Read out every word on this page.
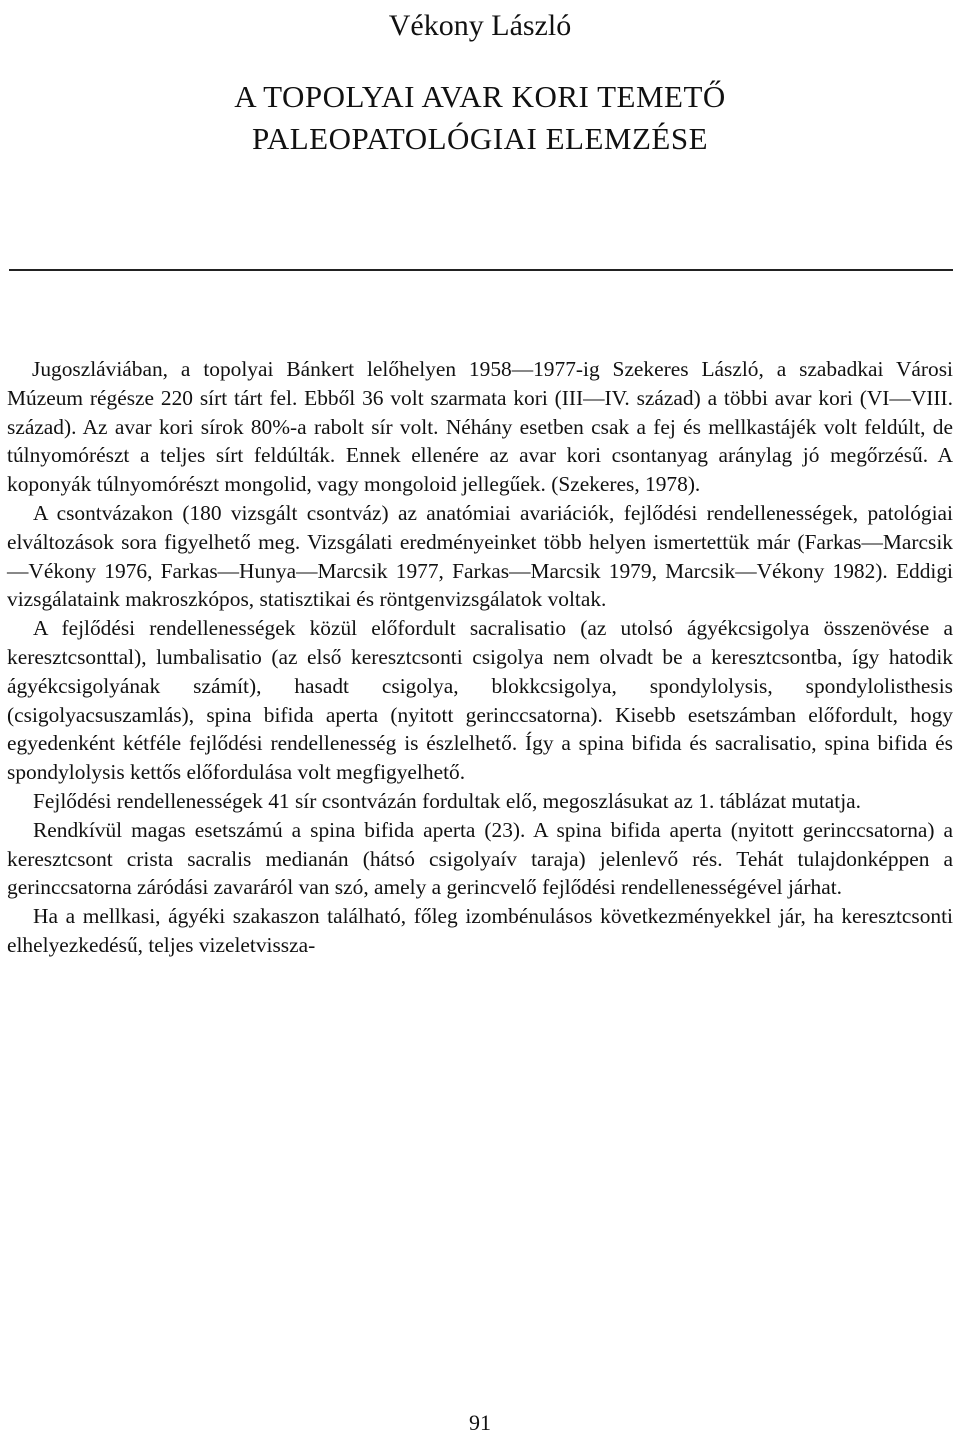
Vékony László
A TOPOLYAI AVAR KORI TEMETŐ
PALEOPATOLÓGIAI ELEMZÉSE

Jugoszláviában, a topolyai Bánkert lelőhelyen 1958—1977-ig Szekeres László, a szabadkai Városi Múzeum régésze 220 sírt tárt fel. Ebből 36 volt szarmata kori (III—IV. század) a többi avar kori (VI—VIII. század). Az avar kori sírok 80%-a rabolt sír volt. Néhány esetben csak a fej és mellkastájék volt feldúlt, de túlnyomórészt a teljes sírt feldúlták. Ennek ellenére az avar kori csontanyag aránylag jó megőrzésű. A koponyák túlnyomórészt mongolid, vagy mongoloid jellegűek. (Szekeres, 1978).

A csontvázakon (180 vizsgált csontváz) az anatómiai avariációk, fejlődési rendellenességek, patológiai elváltozások sora figyelhető meg. Vizsgálati eredményeinket több helyen ismertettük már (Farkas—Marcsik—Vékony 1976, Farkas—Hunya—Marcsik 1977, Farkas—Marcsik 1979, Marcsik—Vékony 1982). Eddigi vizsgálataink makroszkópos, statisztikai és röntgenvizsgálatok voltak.

A fejlődési rendellenességek közül előfordult sacralisatio (az utolsó ágyékcsigolya összenövése a keresztcsonttal), lumbalisatio (az első keresztcsonti csigolya nem olvadt be a keresztcsontba, így hatodik ágyékcsigolyának számít), hasadt csigolya, blokkcsigolya, spondylolysis, spondylolisthesis (csigolyacsuszamlás), spina bifida aperta (nyitott gerinccsatorna). Kisebb esetszámban előfordult, hogy egyedenként kétféle fejlődési rendellenesség is észlelhető. Így a spina bifida és sacralisatio, spina bifida és spondylolysis kettős előfordulása volt megfigyelhető.

Fejlődési rendellenességek 41 sír csontvázán fordultak elő, megoszlásukat az 1. táblázat mutatja.

Rendkívül magas esetszámú a spina bifida aperta (23). A spina bifida aperta (nyitott gerinccsatorna) a keresztcsont crista sacralis medianán (hátsó csigolyaív taraja) jelenlevő rés. Tehát tulajdonképpen a gerinccsatorna záródási zavaráról van szó, amely a gerincvelő fejlődési rendellenességével járhat.

Ha a mellkasi, ágyéki szakaszon található, főleg izombénulásos következményekkel jár, ha keresztcsonti elhelyezkedésű, teljes vizeletvissza-

91
